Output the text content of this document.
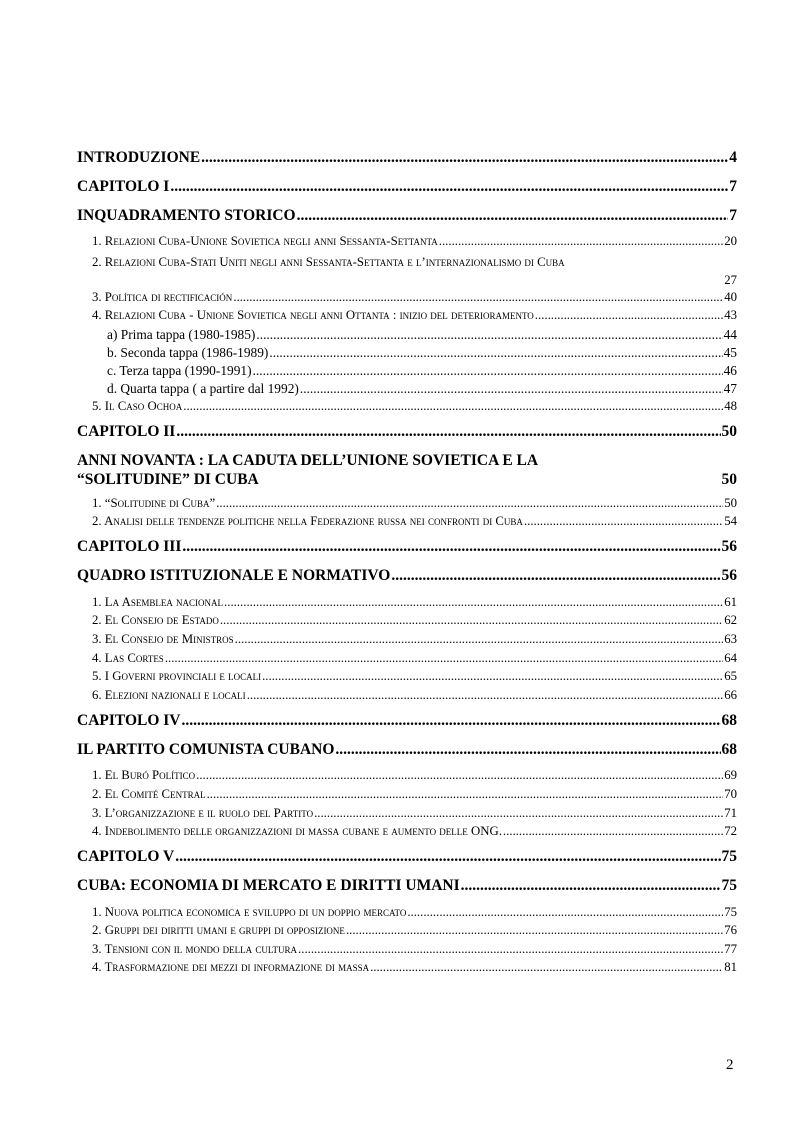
INTRODUZIONE .....	4
CAPITOLO I .....	7
INQUADRAMENTO STORICO .....	7
1. Relazioni Cuba-Unione Sovietica negli anni Sessanta-Settanta .....	20
2. Relazioni Cuba-Stati Uniti negli anni Sessanta-Settanta e l’internazionalismo di Cuba
27
3. Política di rectificación .....	40
4. Relazioni Cuba - Unione Sovietica negli anni Ottanta : inizio del deterioramento .....	43
a) Prima tappa (1980-1985) .....	44
b. Seconda tappa (1986-1989) .....	45
c. Terza tappa (1990-1991) .....	46
d. Quarta tappa ( a partire dal 1992) .....	47
5. Il Caso Ochoa .....	48
CAPITOLO II .....	50
ANNI NOVANTA : LA CADUTA DELL’UNIONE SOVIETICA E LA
“SOLITUDINE” DI CUBA	50
1. “Solitudine di Cuba” .....	50
2. Analisi delle tendenze politiche nella Federazione russa nei confronti di Cuba .....	54
CAPITOLO III .....	56
QUADRO ISTITUZIONALE E NORMATIVO .....	56
1. La Asemblea nacional .....	61
2. El Consejo de Estado .....	62
3. El Consejo de Ministros .....	63
4. Las Cortes .....	64
5. I Governi provinciali e locali .....	65
6. Elezioni nazionali e locali .....	66
CAPITOLO IV .....	68
IL PARTITO COMUNISTA CUBANO .....	68
1. El Buró Político .....	69
2. El Comité Central .....	70
3. L’organizzazione e il ruolo del Partito .....	71
4. Indebolimento delle organizzazioni di massa cubane e aumento delle ONG. .....	72
CAPITOLO V .....	75
CUBA: ECONOMIA DI MERCATO E DIRITTI UMANI .....	75
1. Nuova politica economica e sviluppo di un doppio mercato .....	75
2. Gruppi dei diritti umani e gruppi di opposizione .....	76
3. Tensioni con il mondo della cultura .....	77
4. Trasformazione dei mezzi di informazione di massa .....	81
2
